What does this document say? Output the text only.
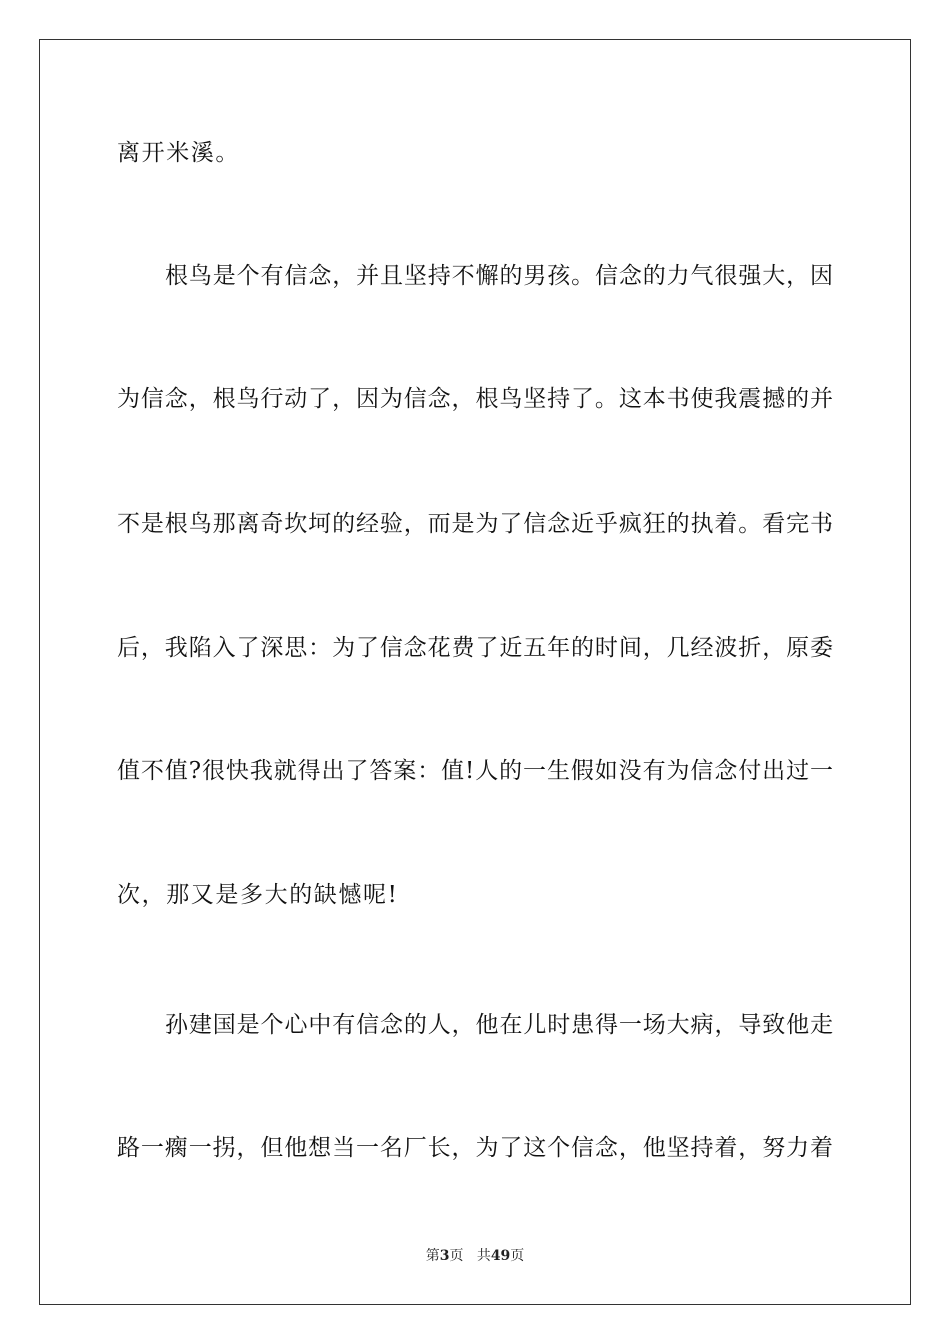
离开米溪。
根鸟是个有信念，并且坚持不懈的男孩。信念的力气很强大，因
为信念，根鸟行动了，因为信念，根鸟坚持了。这本书使我震撼的并
不是根鸟那离奇坎坷的经验，而是为了信念近乎疯狂的执着。看完书
后，我陷入了深思：为了信念花费了近五年的时间，几经波折，原委
值不值?很快我就得出了答案：值!人的一生假如没有为信念付出过一
次，那又是多大的缺憾呢!
孙建国是个心中有信念的人，他在儿时患得一场大病，导致他走
路一瘸一拐，但他想当一名厂长，为了这个信念，他坚持着，努力着
第3页 共49页
